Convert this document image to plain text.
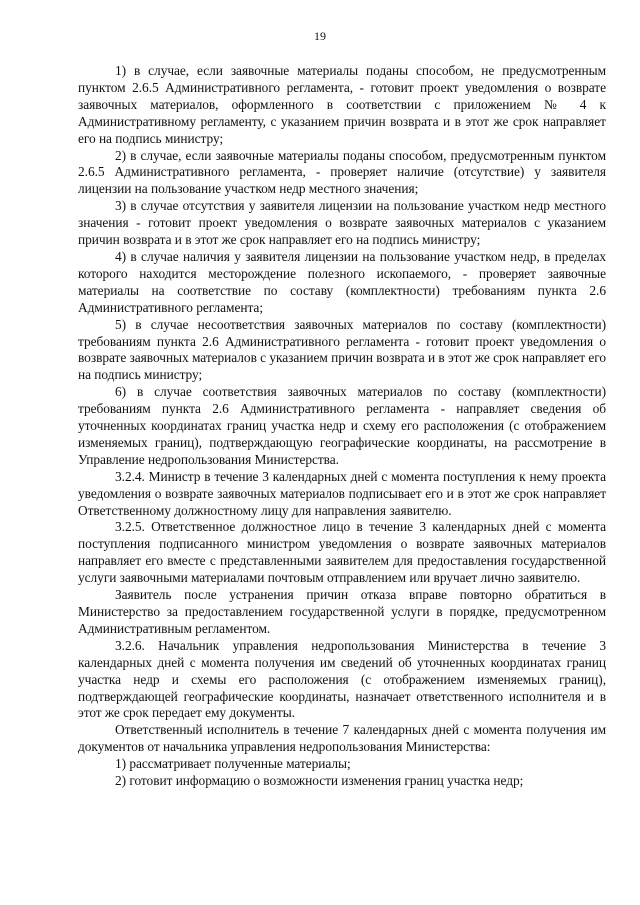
19

1) в случае, если заявочные материалы поданы способом, не предусмотренным пунктом 2.6.5 Административного регламента, - готовит проект уведомления о возврате заявочных материалов, оформленного в соответствии с приложением № 4 к Административному регламенту, с указанием причин возврата и в этот же срок направляет его на подпись министру;

2) в случае, если заявочные материалы поданы способом, предусмотренным пунктом 2.6.5 Административного регламента, - проверяет наличие (отсутствие) у заявителя лицензии на пользование участком недр местного значения;

3) в случае отсутствия у заявителя лицензии на пользование участком недр местного значения - готовит проект уведомления о возврате заявочных материалов с указанием причин возврата и в этот же срок направляет его на подпись министру;

4) в случае наличия у заявителя лицензии на пользование участком недр, в пределах которого находится месторождение полезного ископаемого, - проверяет заявочные материалы на соответствие по составу (комплектности) требованиям пункта 2.6 Административного регламента;

5) в случае несоответствия заявочных материалов по составу (комплектности) требованиям пункта 2.6 Административного регламента - готовит проект уведомления о возврате заявочных материалов с указанием причин возврата и в этот же срок направляет его на подпись министру;

6) в случае соответствия заявочных материалов по составу (комплектности) требованиям пункта 2.6 Административного регламента - направляет сведения об уточненных координатах границ участка недр и схему его расположения (с отображением изменяемых границ), подтверждающую географические координаты, на рассмотрение в Управление недропользования Министерства.

3.2.4. Министр в течение 3 календарных дней с момента поступления к нему проекта уведомления о возврате заявочных материалов подписывает его и в этот же срок направляет Ответственному должностному лицу для направления заявителю.

3.2.5. Ответственное должностное лицо в течение 3 календарных дней с момента поступления подписанного министром уведомления о возврате заявочных материалов направляет его вместе с представленными заявителем для предоставления государственной услуги заявочными материалами почтовым отправлением или вручает лично заявителю.

Заявитель после устранения причин отказа вправе повторно обратиться в Министерство за предоставлением государственной услуги в порядке, предусмотренном Административным регламентом.

3.2.6. Начальник управления недропользования Министерства в течение 3 календарных дней с момента получения им сведений об уточненных координатах границ участка недр и схемы его расположения (с отображением изменяемых границ), подтверждающей географические координаты, назначает ответственного исполнителя и в этот же срок передает ему документы.

Ответственный исполнитель в течение 7 календарных дней с момента получения им документов от начальника управления недропользования Министерства:

1) рассматривает полученные материалы;

2) готовит информацию о возможности изменения границ участка недр;
